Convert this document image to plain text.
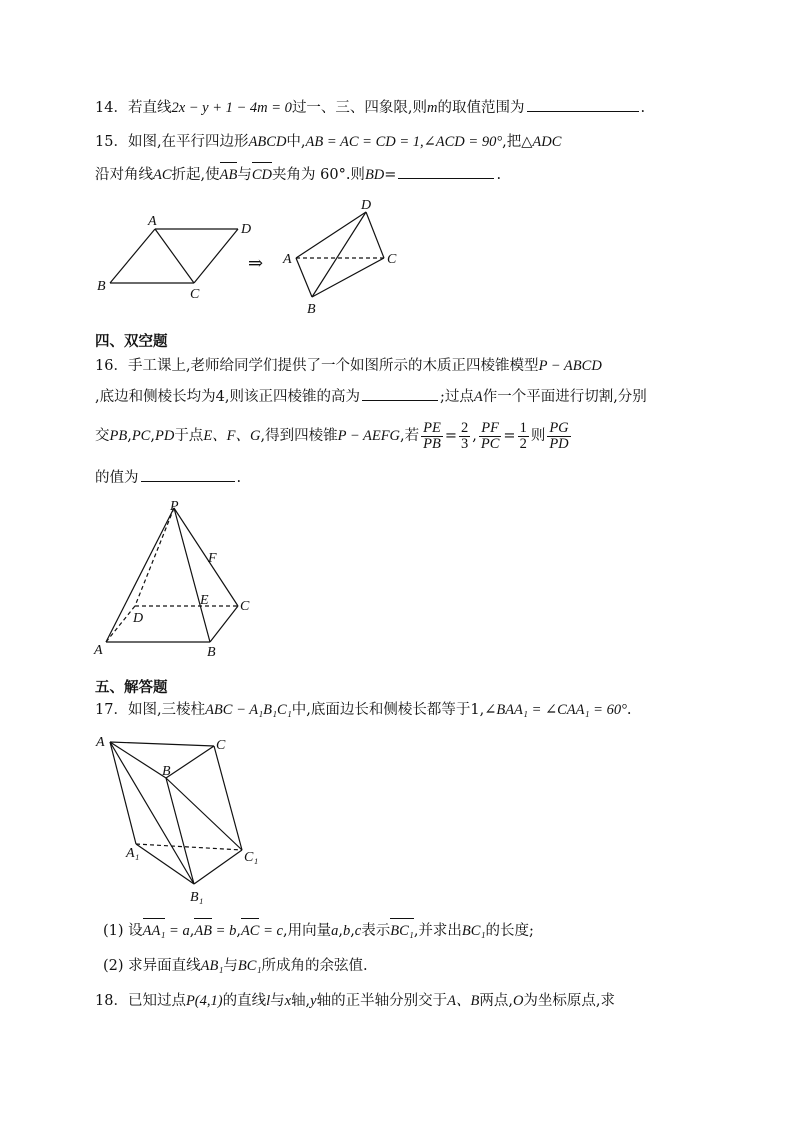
14．若直线2x − y + 1 − 4m = 0过一、三、四象限,则m的取值范围为	.
15．如图,在平行四边形ABCD中,AB = AC = CD = 1,∠ACD = 90°,把△ADC
沿对角线AC折起,使AB与CD夹角为 60°.则BD=	.
A
D
B
C
⇒
D
A	C
B
四、双空题
16．手工课上,老师给同学们提供了一个如图所示的木质正四棱锥模型P − ABCD
,底边和侧棱长均为4,则该正四棱锥的高为	;过点A作一个平面进行切割,分别
交PB,PC,PD于点E、F、G,得到四棱锥P − AEFG,若 $\frac{PE}{PB} = \frac{2}{3}$ , $\frac{PF}{PC} = \frac{1}{2}$ 则 $\frac{PG}{PD}$
的值为	.
P
F
E C
D
A	B
五、解答题
17．如图,三棱柱ABC − A₁B₁C₁中,底面边长和侧棱长都等于1,∠BAA₁ = ∠CAA₁ = 60°.
A	C
B
A₁	C₁
B₁
(1) 设AA₁ = a,AB = b,AC = c,用向量a,b,c表示BC₁,并求出BC₁的长度;
(2) 求异面直线AB₁与BC₁所成角的余弦值.
18．已知过点P(4,1)的直线l与x轴,y轴的正半轴分别交于A、B两点,O为坐标原点,求
